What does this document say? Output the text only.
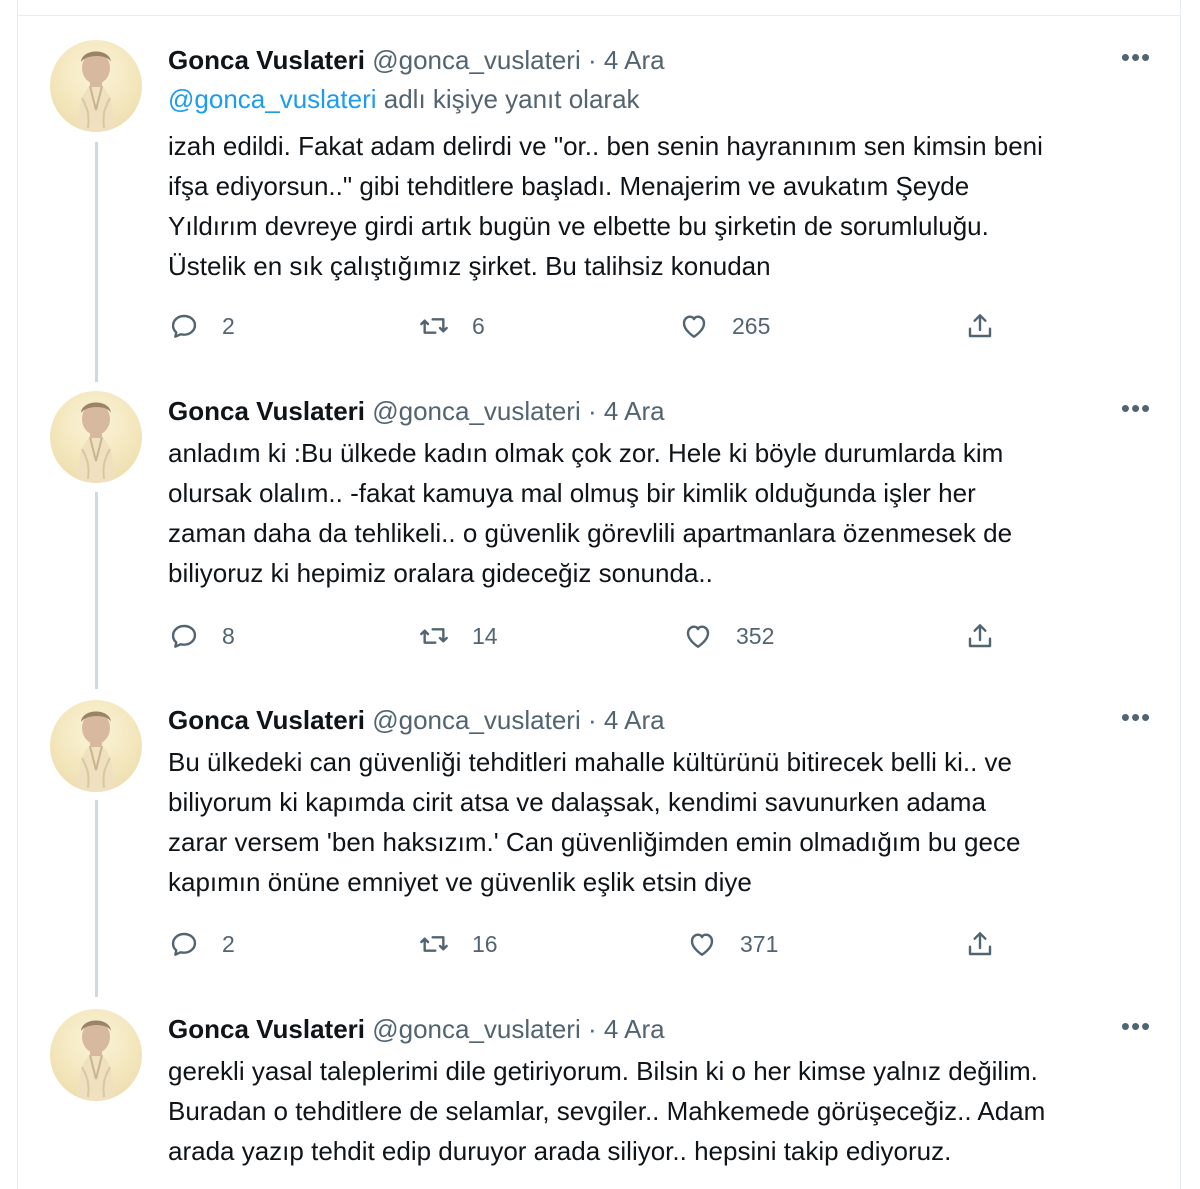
Gonca Vuslateri @gonca_vuslateri · 4 Ara	•••
@gonca_vuslateri adlı kişiye yanıt olarak
izah edildi. Fakat adam delirdi ve "or.. ben senin hayranınım sen kimsin beni
ifşa ediyorsun.." gibi tehditlere başladı. Menajerim ve avukatım Şeyde
Yıldırım devreye girdi artık bugün ve elbette bu şirketin de sorumluluğu.
Üstelik en sık çalıştığımız şirket. Bu talihsiz konudan
2	6	265
Gonca Vuslateri @gonca_vuslateri · 4 Ara	•••
anladım ki :Bu ülkede kadın olmak çok zor. Hele ki böyle durumlarda kim
olursak olalım.. -fakat kamuya mal olmuş bir kimlik olduğunda işler her
zaman daha da tehlikeli.. o güvenlik görevlili apartmanlara özenmesek de
biliyoruz ki hepimiz oralara gideceğiz sonunda..
8	14	352
Gonca Vuslateri @gonca_vuslateri · 4 Ara	•••
Bu ülkedeki can güvenliği tehditleri mahalle kültürünü bitirecek belli ki.. ve
biliyorum ki kapımda cirit atsa ve dalaşsak, kendimi savunurken adama
zarar versem 'ben haksızım.' Can güvenliğimden emin olmadığım bu gece
kapımın önüne emniyet ve güvenlik eşlik etsin diye
2	16	371
Gonca Vuslateri @gonca_vuslateri · 4 Ara	•••
gerekli yasal taleplerimi dile getiriyorum. Bilsin ki o her kimse yalnız değilim.
Buradan o tehditlere de selamlar, sevgiler.. Mahkemede görüşeceğiz.. Adam
arada yazıp tehdit edip duruyor arada siliyor.. hepsini takip ediyoruz.
